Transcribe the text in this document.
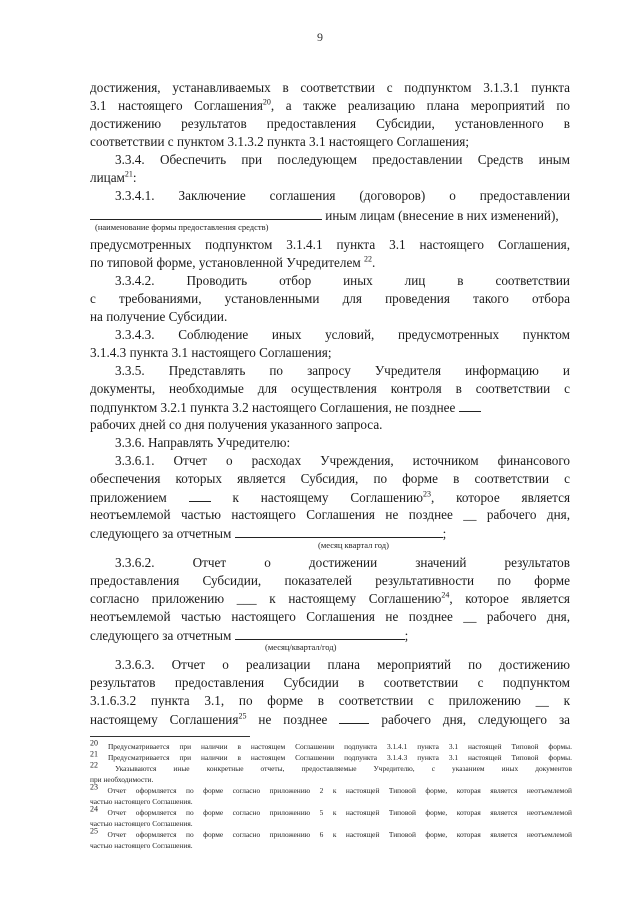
9
достижения, устанавливаемых в соответствии с подпунктом 3.1.3.1 пункта
3.1 настоящего Соглашения$^{20}$, а также реализацию плана мероприятий по
достижению результатов предоставления Субсидии, установленного в
соответствии с пунктом 3.1.3.2 пункта 3.1 настоящего Соглашения;
3.3.4. Обеспечить при последующем предоставлении Средств иным
лицам$^{21}$:
3.3.4.1. Заключение соглашения (договоров) о предоставлении
иным лицам (внесение в них изменений),
(наименование формы предоставления средств)
предусмотренных подпунктом 3.1.4.1 пункта 3.1 настоящего Соглашения,
по типовой форме, установленной Учредителем $^{22}$.
3.3.4.2. Проводить отбор иных лиц в соответствии
с требованиями, установленными для проведения такого отбора
на получение Субсидии.
3.3.4.3. Соблюдение иных условий, предусмотренных пунктом
3.1.4.3 пункта 3.1 настоящего Соглашения;
3.3.5. Представлять по запросу Учредителя информацию и
документы, необходимые для осуществления контроля в соответствии с
подпунктом 3.2.1 пункта 3.2 настоящего Соглашения, не позднее
рабочих дней со дня получения указанного запроса.
3.3.6. Направлять Учредителю:
3.3.6.1. Отчет о расходах Учреждения, источником финансового
обеспечения которых является Субсидия, по форме в соответствии с
приложением	к настоящему Соглашению$^{23}$, которое является
неотъемлемой частью настоящего Соглашения не позднее __ рабочего дня,
следующего за отчетным	;
(месяц квартал год)
3.3.6.2. Отчет о достижении значений результатов
предоставления Субсидии, показателей результативности по форме
согласно приложению ___ к настоящему Соглашению$^{24}$, которое является
неотъемлемой частью настоящего Соглашения не позднее __ рабочего дня,
следующего за отчетным	;
(месяц/квартал/год)
3.3.6.3. Отчет о реализации плана мероприятий по достижению
результатов предоставления Субсидии в соответствии с подпунктом
3.1.6.3.2 пункта 3.1, по форме в соответствии с приложению __ к
настоящему Соглашения$^{25}$ не позднее	рабочего дня, следующего за
$^{20}$ Предусматривается при наличии в настоящем Соглашении подпункта 3.1.4.1 пункта 3.1 настоящей Типовой формы.
$^{21}$ Предусматривается при наличии в настоящем Соглашении подпункта 3.1.4.3 пункта 3.1 настоящей Типовой формы.
$^{22}$ Указываются иные конкретные отчеты, предоставляемые Учредителю, с указанием иных документов
при необходимости.
$^{23}$ Отчет оформляется по форме согласно приложению 2 к настоящей Типовой форме, которая является неотъемлемой
частью настоящего Соглашения.
$^{24}$ Отчет оформляется по форме согласно приложению 5 к настоящей Типовой форме, которая является неотъемлемой
частью настоящего Соглашения.
$^{25}$ Отчет оформляется по форме согласно приложению 6 к настоящей Типовой форме, которая является неотъемлемой
частью настоящего Соглашения.
